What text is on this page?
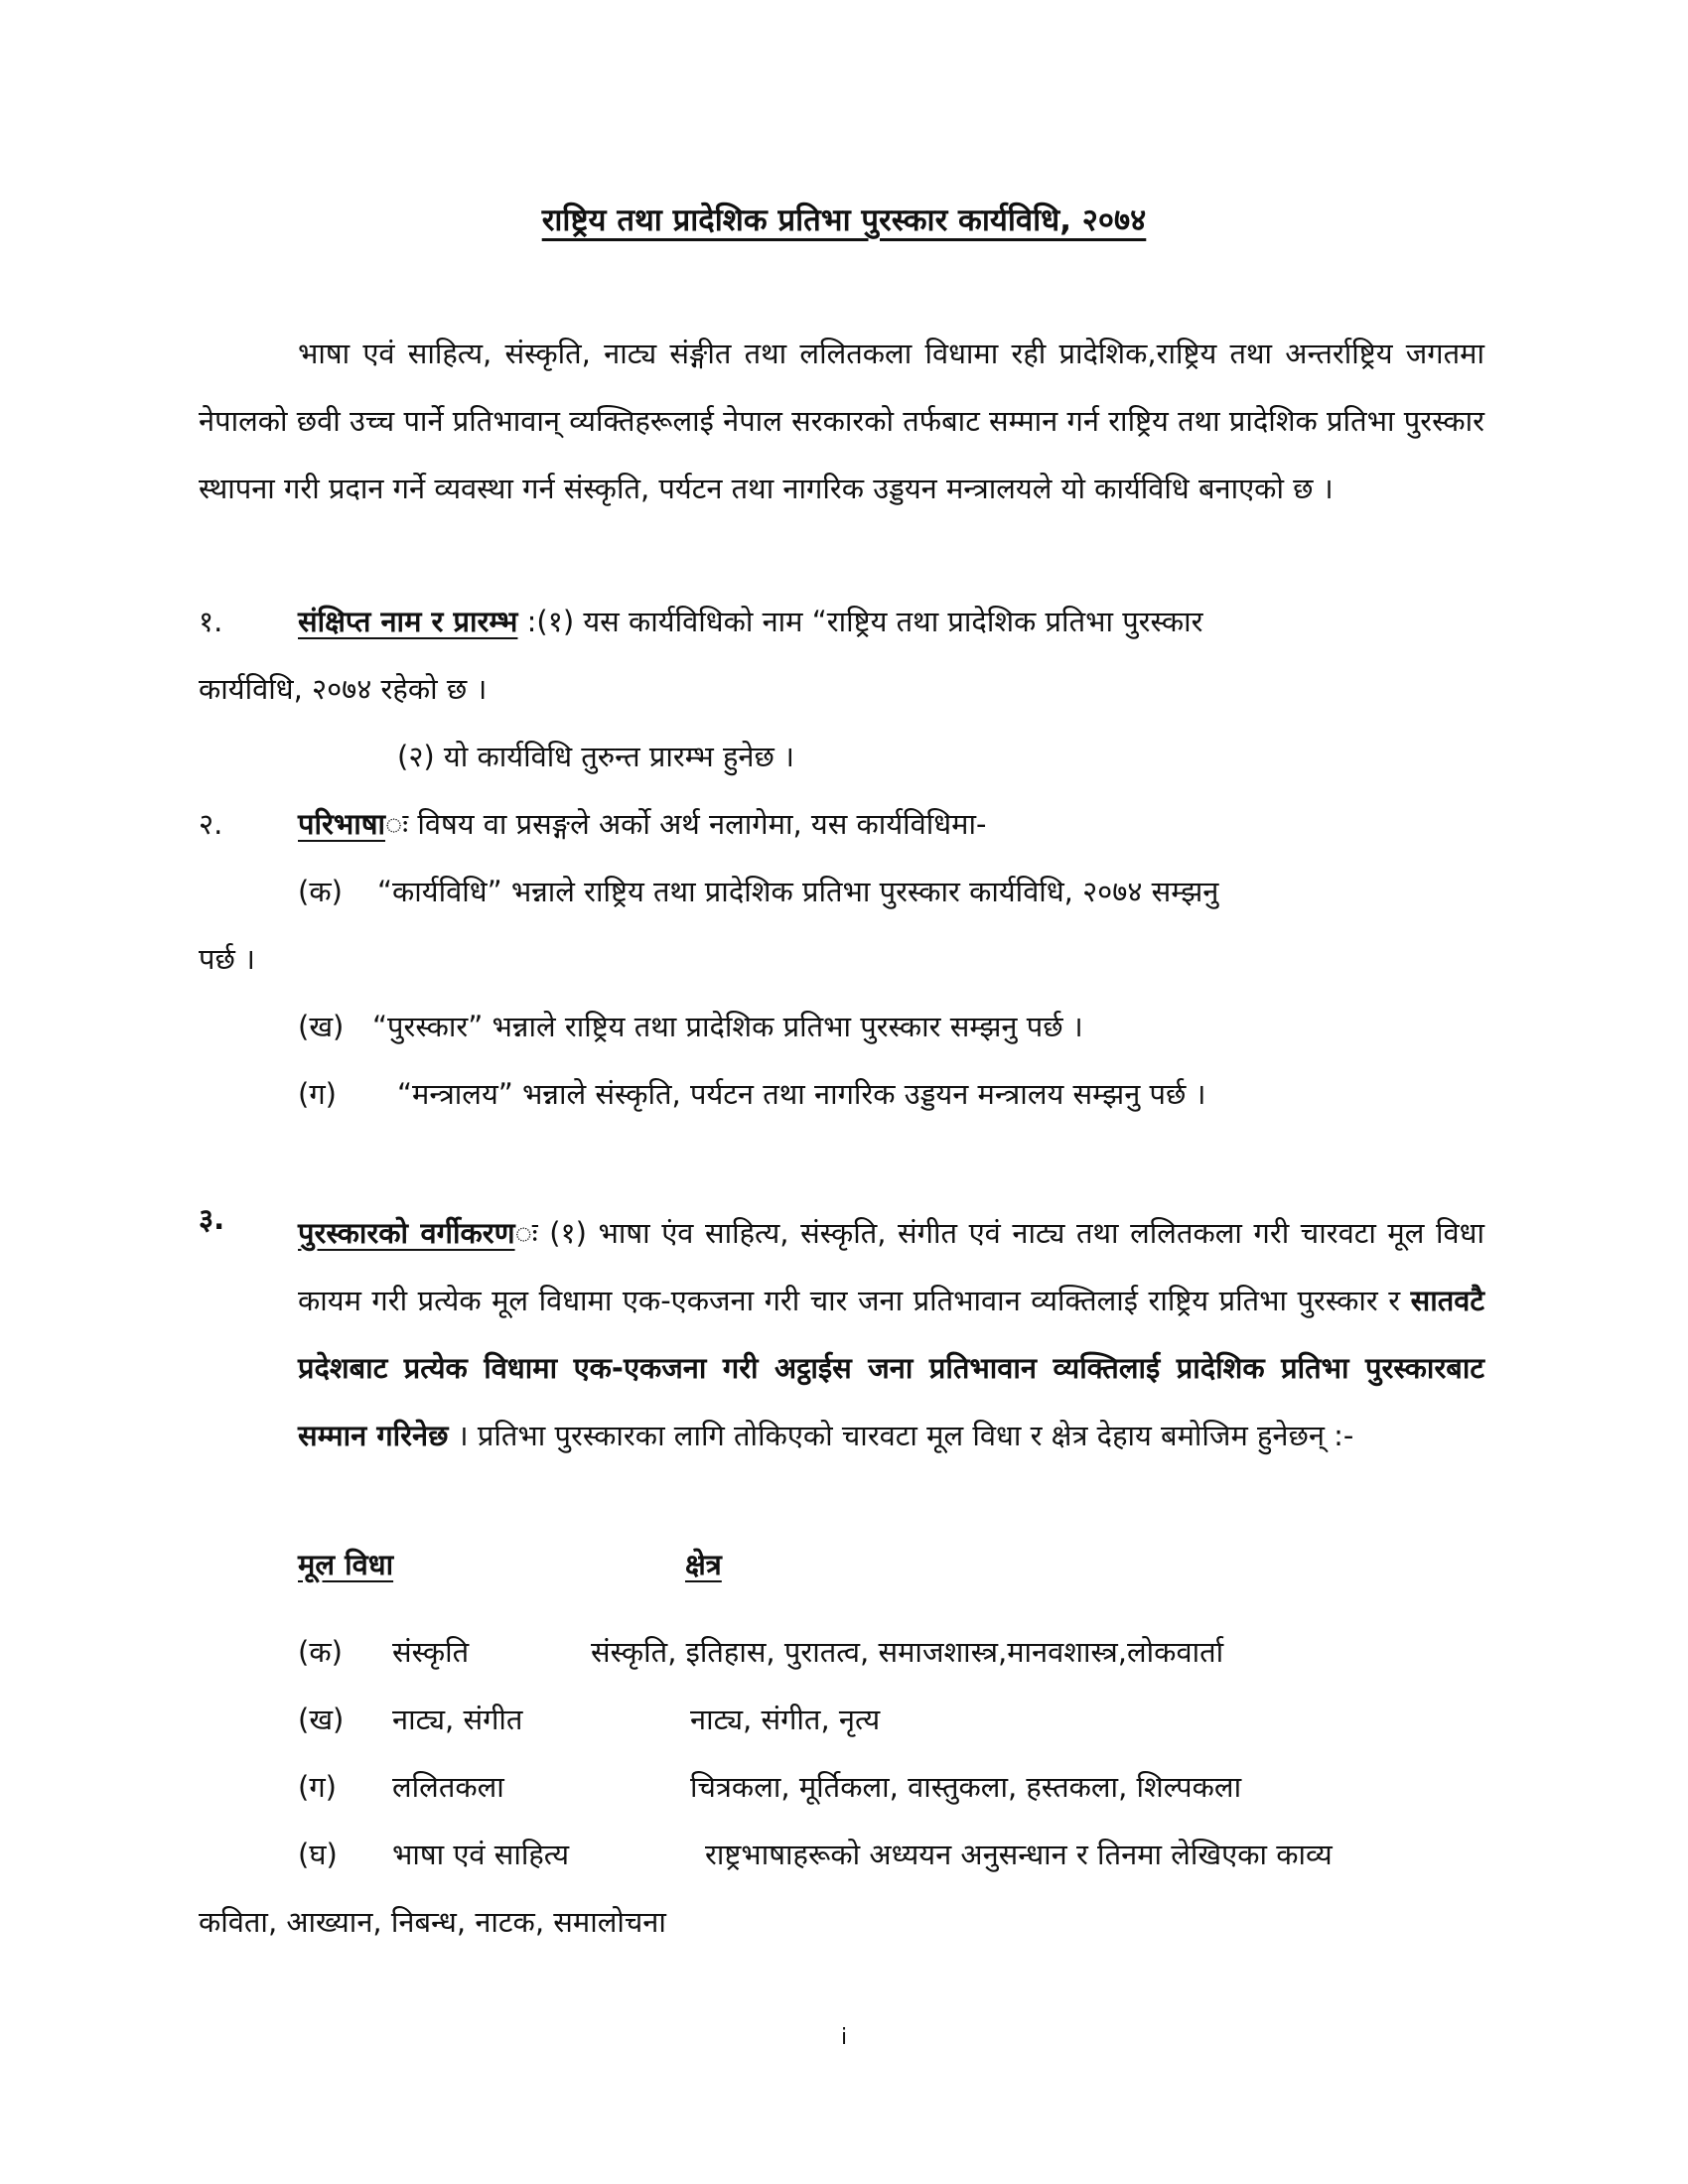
राष्ट्रिय तथा प्रादेशिक प्रतिभा पुरस्कार कार्यविधि, २०७४

भाषा एवं साहित्य, संस्कृति, नाट्य संङ्गीत तथा ललितकला विधामा रही प्रादेशिक,राष्ट्रिय तथा अन्तर्राष्ट्रिय जगतमा नेपालको छवी उच्च पार्ने प्रतिभावान् व्यक्तिहरूलाई नेपाल सरकारको तर्फबाट सम्मान गर्न राष्ट्रिय तथा प्रादेशिक प्रतिभा पुरस्कार स्थापना गरी प्रदान गर्ने व्यवस्था गर्न संस्कृति, पर्यटन तथा नागरिक उड्डयन मन्त्रालयले यो कार्यविधि बनाएको छ ।

१.	संक्षिप्त नाम र प्रारम्भ :(१) यस कार्यविधिको नाम “राष्ट्रिय तथा प्रादेशिक प्रतिभा पुरस्कार
कार्यविधि, २०७४ रहेको छ ।
(२) यो कार्यविधि तुरुन्त प्रारम्भ हुनेछ ।
२.	परिभाषाः विषय वा प्रसङ्गले अर्को अर्थ नलागेमा, यस कार्यविधिमा-
(क) “कार्यविधि” भन्नाले राष्ट्रिय तथा प्रादेशिक प्रतिभा पुरस्कार कार्यविधि, २०७४ सम्झनु
पर्छ ।
(ख) “पुरस्कार” भन्नाले राष्ट्रिय तथा प्रादेशिक प्रतिभा पुरस्कार सम्झनु पर्छ ।
(ग) “मन्त्रालय” भन्नाले संस्कृति, पर्यटन तथा नागरिक उड्डयन मन्त्रालय सम्झनु पर्छ ।
३.	पुरस्कारको वर्गीकरणः (१) भाषा एंव साहित्य, संस्कृति, संगीत एवं नाट्य तथा ललितकला गरी चारवटा मूल विधा कायम गरी प्रत्येक मूल विधामा एक-एकजना गरी चार जना प्रतिभावान व्यक्तिलाई राष्ट्रिय प्रतिभा पुरस्कार र सातवटै प्रदेशबाट प्रत्येक विधामा एक-एकजना गरी अट्ठाईस जना प्रतिभावान व्यक्तिलाई प्रादेशिक प्रतिभा पुरस्कारबाट सम्मान गरिनेछ । प्रतिभा पुरस्कारका लागि तोकिएको चारवटा मूल विधा र क्षेत्र देहाय बमोजिम हुनेछन् :-

मूल विधा	क्षेत्र
(क) संस्कृति	संस्कृति, इतिहास, पुरातत्व, समाजशास्त्र,मानवशास्त्र,लोकवार्ता
(ख) नाट्य, संगीत	नाट्य, संगीत, नृत्य
(ग) ललितकला	चित्रकला, मूर्तिकला, वास्तुकला, हस्तकला, शिल्पकला
(घ) भाषा एवं साहित्य	राष्ट्रभाषाहरूको अध्ययन अनुसन्धान र तिनमा लेखिएका काव्य
कविता, आख्यान, निबन्ध, नाटक, समालोचना
i
